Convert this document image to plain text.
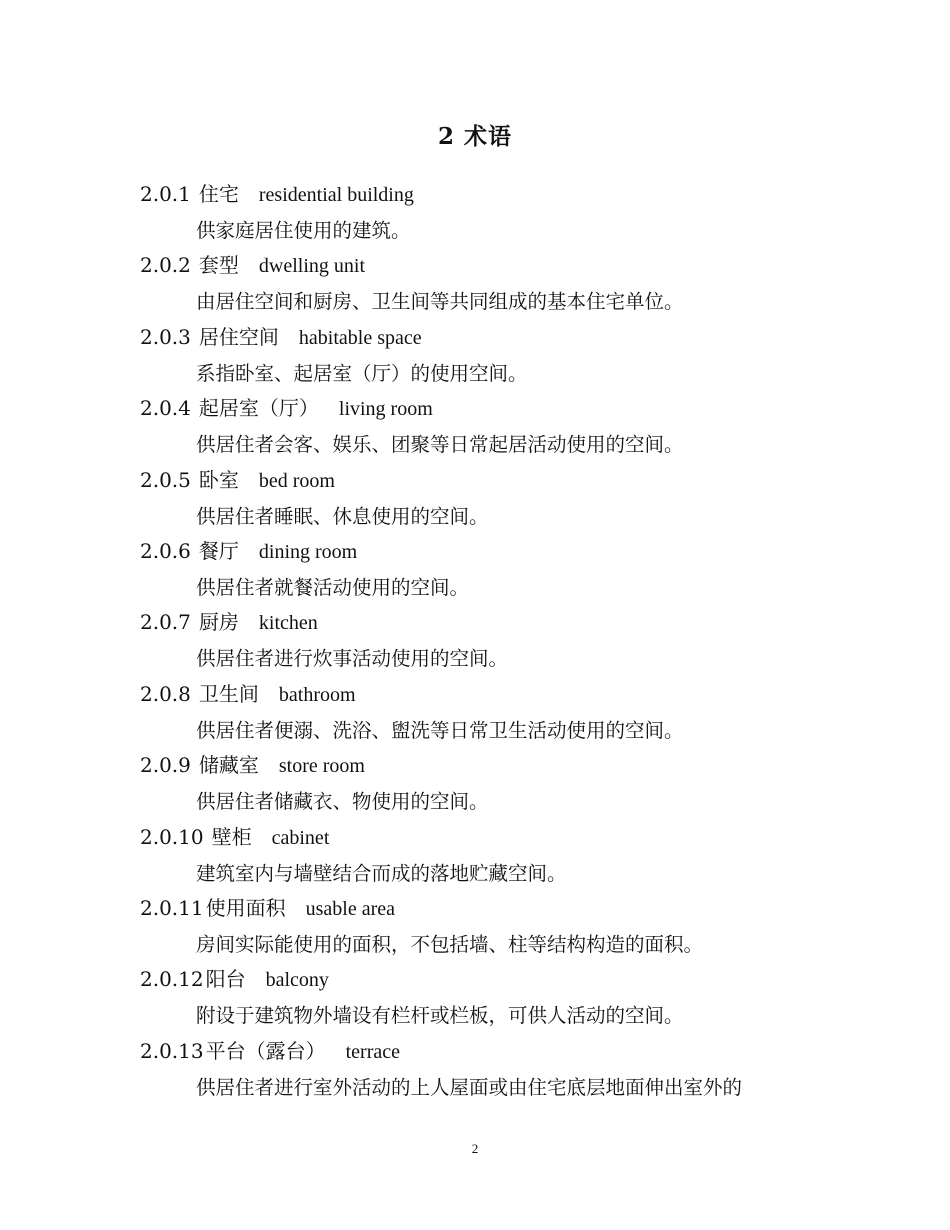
2 术语
2.0.1 住宅 residential building
供家庭居住使用的建筑。
2.0.2 套型 dwelling unit
由居住空间和厨房、卫生间等共同组成的基本住宅单位。
2.0.3 居住空间 habitable space
系指卧室、起居室（厅）的使用空间。
2.0.4 起居室（厅） living room
供居住者会客、娱乐、团聚等日常起居活动使用的空间。
2.0.5 卧室 bed room
供居住者睡眠、休息使用的空间。
2.0.6 餐厅 dining room
供居住者就餐活动使用的空间。
2.0.7 厨房 kitchen
供居住者进行炊事活动使用的空间。
2.0.8 卫生间 bathroom
供居住者便溺、洗浴、盥洗等日常卫生活动使用的空间。
2.0.9 储藏室 store room
供居住者储藏衣、物使用的空间。
2.0.10 壁柜 cabinet
建筑室内与墙壁结合而成的落地贮藏空间。
2.0.11 使用面积 usable area
房间实际能使用的面积，不包括墙、柱等结构构造的面积。
2.0.12 阳台 balcony
附设于建筑物外墙设有栏杆或栏板，可供人活动的空间。
2.0.13 平台（露台） terrace
供居住者进行室外活动的上人屋面或由住宅底层地面伸出室外的
2
